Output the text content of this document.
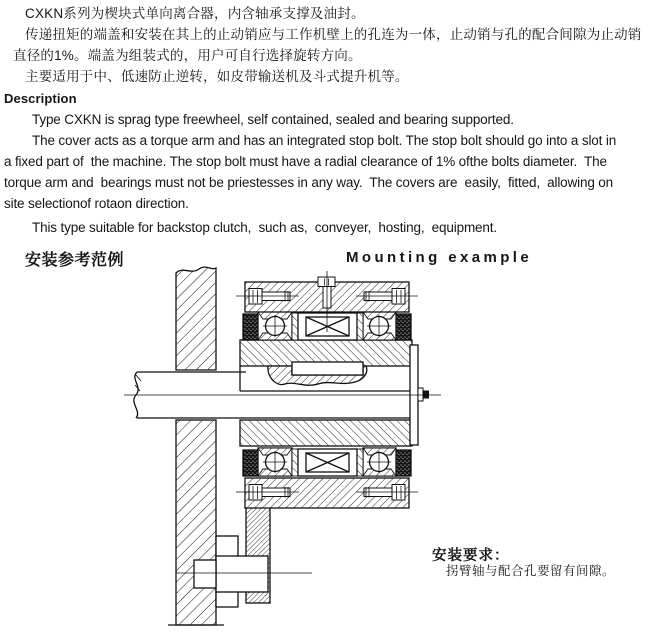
CXKN系列为楔块式单向离合器，内含轴承支撑及油封。
传递扭矩的端盖和安装在其上的止动销应与工作机壁上的孔连为一体，止动销与孔的配合间隙为止动销
直径的1%。端盖为组装式的，用户可自行选择旋转方向。
主要适用于中、低速防止逆转，如皮带输送机及斗式提升机等。
Description
Type CXKN is sprag type freewheel, self contained, sealed and bearing supported.
The cover acts as a torque arm and has an integrated stop bolt. The stop bolt should go into a slot in
a fixed part of  the machine. The stop bolt must have a radial clearance of 1% ofthe bolts diameter.  The
torque arm and  bearings must not be priestesses in any way.  The covers are  easily,  fitted,  allowing on
site selectionof rotaon direction.
This type suitable for backstop clutch,  such as,  conveyer,  hosting,  equipment.
安装参考范例	Mounting example
安装要求：
拐臂轴与配合孔要留有间隙。
